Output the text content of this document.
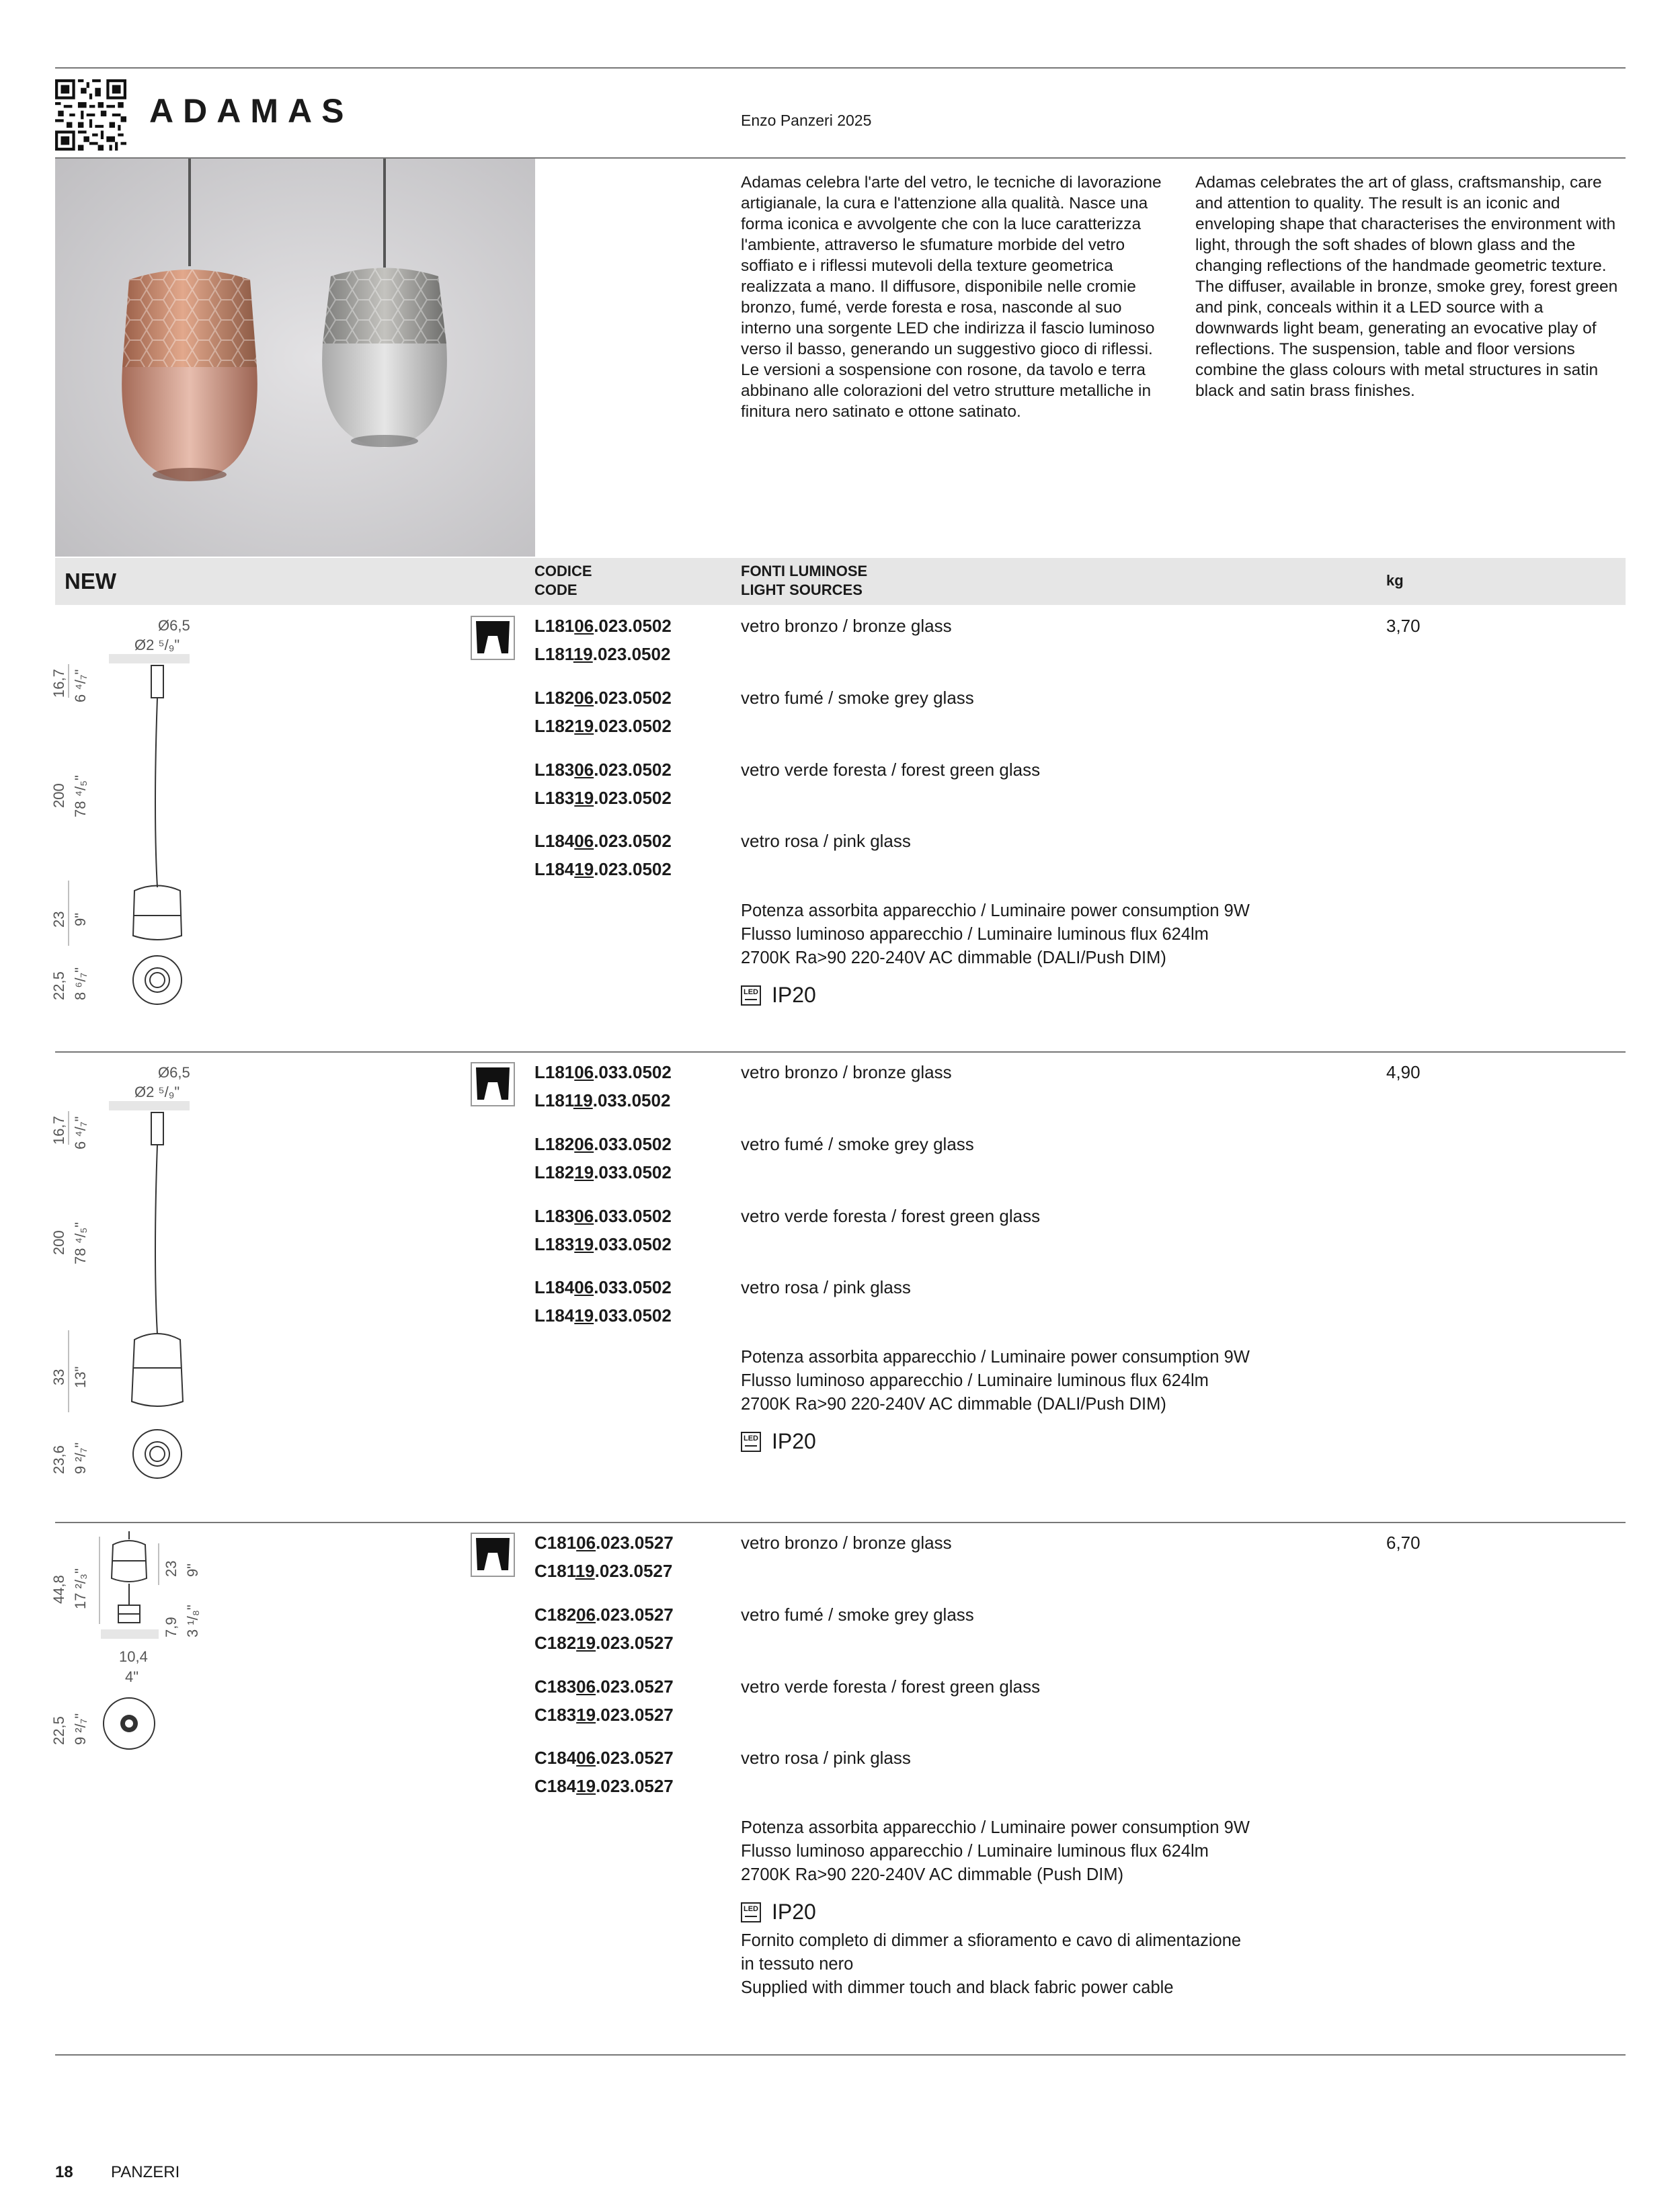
ADAMAS	Enzo Panzeri 2025
Adamas celebra l'arte del vetro, le tecniche di lavorazione artigianale, la cura e l'attenzione alla qualità. Nasce una forma iconica e avvolgente che con la luce caratterizza l'ambiente, attraverso le sfumature morbide del vetro soffiato e i riflessi mutevoli della texture geometrica realizzata a mano. Il diffusore, disponibile nelle cromie bronzo, fumé, verde foresta e rosa, nasconde al suo interno una sorgente LED che indirizza il fascio luminoso verso il basso, generando un suggestivo gioco di riflessi. Le versioni a sospensione con rosone, da tavolo e terra abbinano alle colorazioni del vetro strutture metalliche in finitura nero satinato e ottone satinato.
Adamas celebrates the art of glass, craftsmanship, care and attention to quality. The result is an iconic and enveloping shape that characterises the environment with light, through the soft shades of blown glass and the changing reflections of the handmade geometric texture. The diffuser, available in bronze, smoke grey, forest green and pink, conceals within it a LED source with a downwards light beam, generating an evocative play of reflections. The suspension, table and floor versions combine the glass colours with metal structures in satin black and satin brass finishes.
NEW	CODICE
CODE
FONTI LUMINOSE
LIGHT SOURCES
kg
Ø6,5
Ø2 ⁵/₉"
16,7 6 ⁴/₇"
200 78 ⁴/₅"
23 9"
22,5 8 ⁶/₇"
L18106.023.0502
L18119.023.0502
vetro bronzo / bronze glass	3,70
L18206.023.0502
L18219.023.0502
vetro fumé / smoke grey glass
L18306.023.0502
L18319.023.0502
vetro verde foresta / forest green glass
L18406.023.0502
L18419.023.0502
vetro rosa / pink glass
Potenza assorbita apparecchio / Luminaire power consumption 9W
Flusso luminoso apparecchio / Luminaire luminous flux 624lm
2700K Ra>90 220-240V AC dimmable (DALI/Push DIM)
LED IP20
Ø6,5
Ø2 ⁵/₉"
16,7 6 ⁴/₇"
200 78 ⁴/₅"
33 13"
23,6 9 ²/₇"
L18106.033.0502
L18119.033.0502
vetro bronzo / bronze glass	4,90
L18206.033.0502
L18219.033.0502
vetro fumé / smoke grey glass
L18306.033.0502
L18319.033.0502
vetro verde foresta / forest green glass
L18406.033.0502
L18419.033.0502
vetro rosa / pink glass
Potenza assorbita apparecchio / Luminaire power consumption 9W
Flusso luminoso apparecchio / Luminaire luminous flux 624lm
2700K Ra>90 220-240V AC dimmable (DALI/Push DIM)
LED IP20
10,4
4"
44,8 17 ²/₃"	23 9"
7,9 3 ¹/₈"
22,5 9 ²/₇"
C18106.023.0527
C18119.023.0527
vetro bronzo / bronze glass	6,70
C18206.023.0527
C18219.023.0527
vetro fumé / smoke grey glass
C18306.023.0527
C18319.023.0527
vetro verde foresta / forest green glass
C18406.023.0527
C18419.023.0527
vetro rosa / pink glass
Potenza assorbita apparecchio / Luminaire power consumption 9W
Flusso luminoso apparecchio / Luminaire luminous flux 624lm
2700K Ra>90 220-240V AC dimmable (Push DIM)
LED IP20
Fornito completo di dimmer a sfioramento e cavo di alimentazione
in tessuto nero
Supplied with dimmer touch and black fabric power cable
18 PANZERI
